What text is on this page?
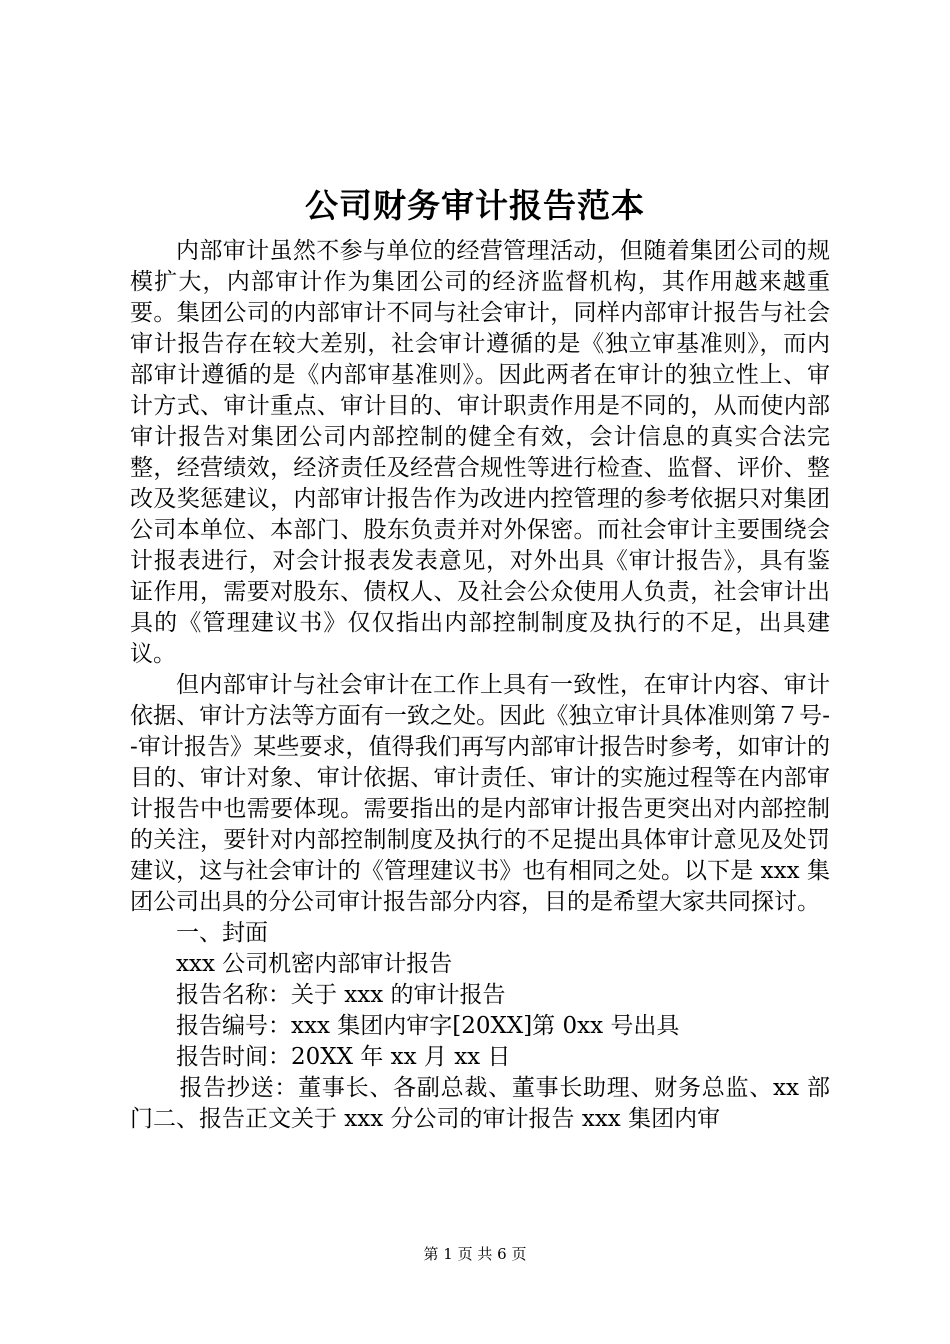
公司财务审计报告范本

内部审计虽然不参与单位的经营管理活动，但随着集团公司的规模扩大，内部审计作为集团公司的经济监督机构，其作用越来越重要。集团公司的内部审计不同与社会审计，同样内部审计报告与社会审计报告存在较大差别，社会审计遵循的是《独立审基准则》，而内部审计遵循的是《内部审基准则》。因此两者在审计的独立性上、审计方式、审计重点、审计目的、审计职责作用是不同的，从而使内部审计报告对集团公司内部控制的健全有效，会计信息的真实合法完整，经营绩效，经济责任及经营合规性等进行检查、监督、评价、整改及奖惩建议，内部审计报告作为改进内控管理的参考依据只对集团公司本单位、本部门、股东负责并对外保密。而社会审计主要围绕会计报表进行，对会计报表发表意见，对外出具《审计报告》，具有鉴证作用，需要对股东、债权人、及社会公众使用人负责，社会审计出具的《管理建议书》仅仅指出内部控制制度及执行的不足，出具建议。

但内部审计与社会审计在工作上具有一致性，在审计内容、审计依据、审计方法等方面有一致之处。因此《独立审计具体准则第７号--审计报告》某些要求，值得我们再写内部审计报告时参考，如审计的目的、审计对象、审计依据、审计责任、审计的实施过程等在内部审计报告中也需要体现。需要指出的是内部审计报告更突出对内部控制的关注，要针对内部控制制度及执行的不足提出具体审计意见及处罚建议，这与社会审计的《管理建议书》也有相同之处。以下是 xxx 集团公司出具的分公司审计报告部分内容，目的是希望大家共同探讨。

一、封面

xxx 公司机密内部审计报告

报告名称：关于 xxx 的审计报告

报告编号：xxx 集团内审字[20XX]第 0xx 号出具

报告时间：20XX 年 xx 月 xx 日

报告抄送：董事长、各副总裁、董事长助理、财务总监、xx 部门二、报告正文关于 xxx 分公司的审计报告 xxx 集团内审

第 1 页 共 6 页
